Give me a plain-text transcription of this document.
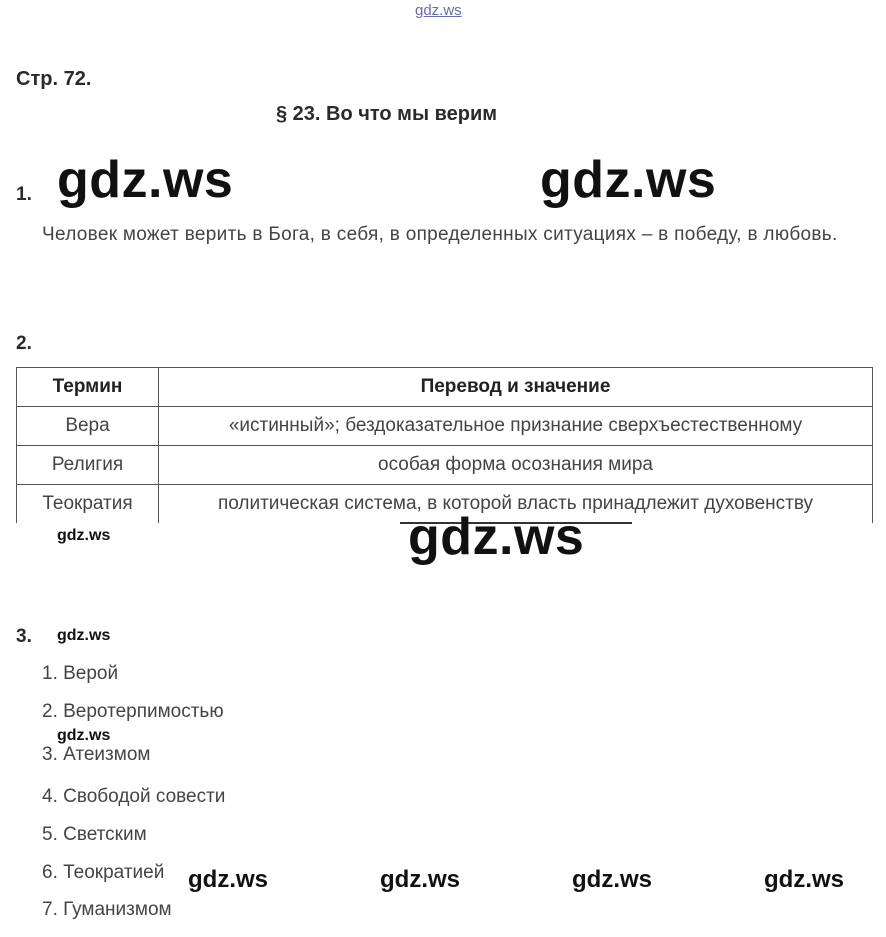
gdz.ws
Стр. 72.
§ 23. Во что мы верим
1. gdz.ws	gdz.ws
Человек может верить в Бога, в себя, в определенных ситуациях – в победу, в любовь.
2.
Термин	Перевод и значение
Вера	«истинный»; бездоказательное признание сверхъестественному
Религия	особая форма осознания мира
Теократия	политическая система, в которой власть принадлежит духовенству
gdz.ws	gdz.ws
3. gdz.ws
1. Верой
2. Веротерпимостью
gdz.ws
3. Атеизмом
4. Свободой совести
5. Светским
6. Теократией
7. Гуманизмом
gdz.ws	gdz.ws	gdz.ws	gdz.ws
